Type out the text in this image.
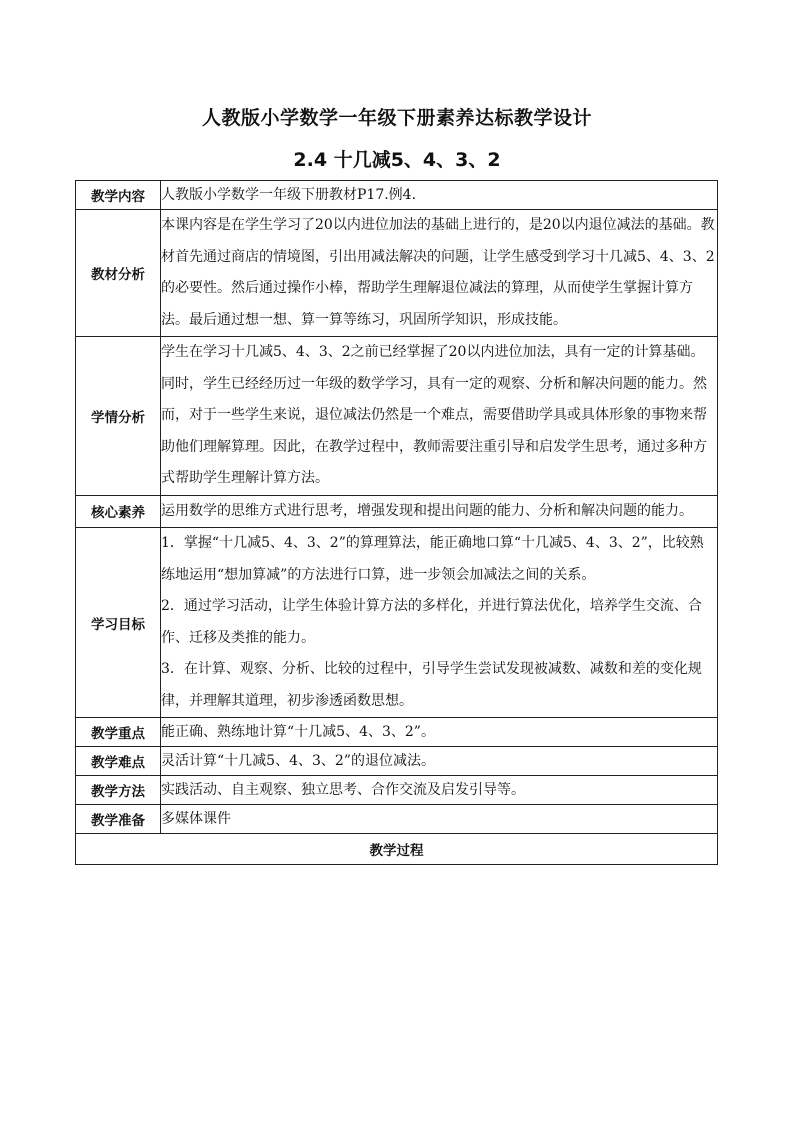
人教版小学数学一年级下册素养达标教学设计
2.4 十几减5、4、3、2
教学内容	人教版小学数学一年级下册教材P17.例4.
教材分析	本课内容是在学生学习了20以内进位加法的基础上进行的，是20以内退位减法的基础。教材首先通过商店的情境图，引出用减法解决的问题，让学生感受到学习十几减5、4、3、2的必要性。然后通过操作小棒，帮助学生理解退位减法的算理，从而使学生掌握计算方法。最后通过想一想、算一算等练习，巩固所学知识，形成技能。
学情分析	学生在学习十几减5、4、3、2之前已经掌握了20以内进位加法，具有一定的计算基础。同时，学生已经经历过一年级的数学学习，具有一定的观察、分析和解决问题的能力。然而，对于一些学生来说，退位减法仍然是一个难点，需要借助学具或具体形象的事物来帮助他们理解算理。因此，在教学过程中，教师需要注重引导和启发学生思考，通过多种方式帮助学生理解计算方法。
核心素养	运用数学的思维方式进行思考，增强发现和提出问题的能力、分析和解决问题的能力。
学习目标	1．掌握“十几减5、4、3、2”的算理算法，能正确地口算“十几减5、4、3、2”，比较熟练地运用“想加算减”的方法进行口算，进一步领会加减法之间的关系。

2．通过学习活动，让学生体验计算方法的多样化，并进行算法优化，培养学生交流、合作、迁移及类推的能力。

3．在计算、观察、分析、比较的过程中，引导学生尝试发现被减数、减数和差的变化规律，并理解其道理，初步渗透函数思想。

教学重点	能正确、熟练地计算“十几减5、4、3、2”。
教学难点	灵活计算“十几减5、4、3、2”的退位减法。
教学方法	实践活动、自主观察、独立思考、合作交流及启发引导等。
教学准备	多媒体课件
教学过程	
